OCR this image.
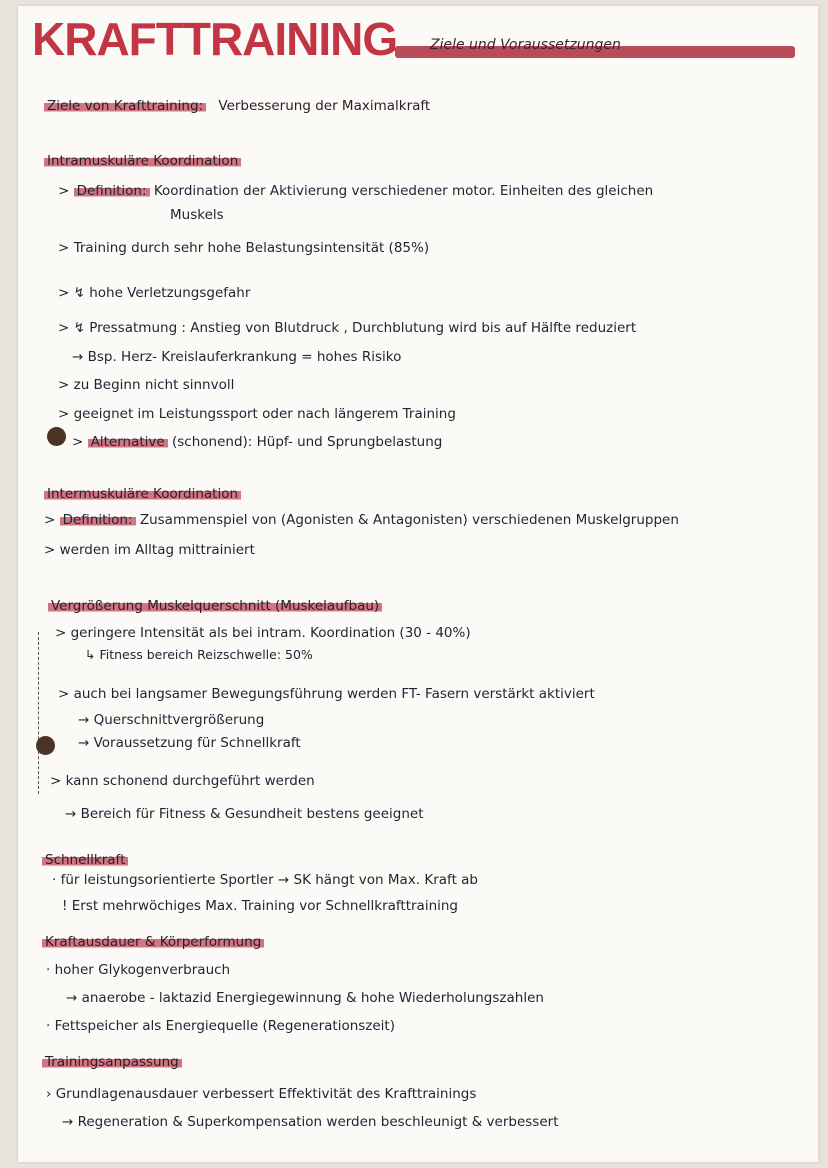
KRAFTTRAINING Ziele und Voraussetzungen
Ziele von Krafttraining: Verbesserung der Maximalkraft
Intramuskuläre Koordination
> Definition: Koordination der Aktivierung verschiedener motor. Einheiten des gleichen
Muskels
> Training durch sehr hohe Belastungsintensität (85%)
> ↯ hohe Verletzungsgefahr
> ↯ Pressatmung : Anstieg von Blutdruck , Durchblutung wird bis auf Hälfte reduziert
→ Bsp. Herz- Kreislauferkrankung = hohes Risiko
> zu Beginn nicht sinnvoll
> geeignet im Leistungssport oder nach längerem Training
> Alternative (schonend): Hüpf- und Sprungbelastung
Intermuskuläre Koordination
> Definition: Zusammenspiel von (Agonisten & Antagonisten) verschiedenen Muskelgruppen
> werden im Alltag mittrainiert
Vergrößerung Muskelquerschnitt (Muskelaufbau)
> geringere Intensität als bei intram. Koordination (30 - 40%)
↳ Fitness bereich Reizschwelle: 50%
> auch bei langsamer Bewegungsführung werden FT- Fasern verstärkt aktiviert
→ Querschnittvergrößerung
→ Voraussetzung für Schnellkraft
> kann schonend durchgeführt werden
→ Bereich für Fitness & Gesundheit bestens geeignet
Schnellkraft
· für leistungsorientierte Sportler → SK hängt von Max. Kraft ab
! Erst mehrwöchiges Max. Training vor Schnellkrafttraining
Kraftausdauer & Körperformung
· hoher Glykogenverbrauch
→ anaerobe - laktazid Energiegewinnung & hohe Wiederholungszahlen
· Fettspeicher als Energiequelle (Regenerationszeit)
Trainingsanpassung
› Grundlagenausdauer verbessert Effektivität des Krafttrainings
→ Regeneration & Superkompensation werden beschleunigt & verbessert
